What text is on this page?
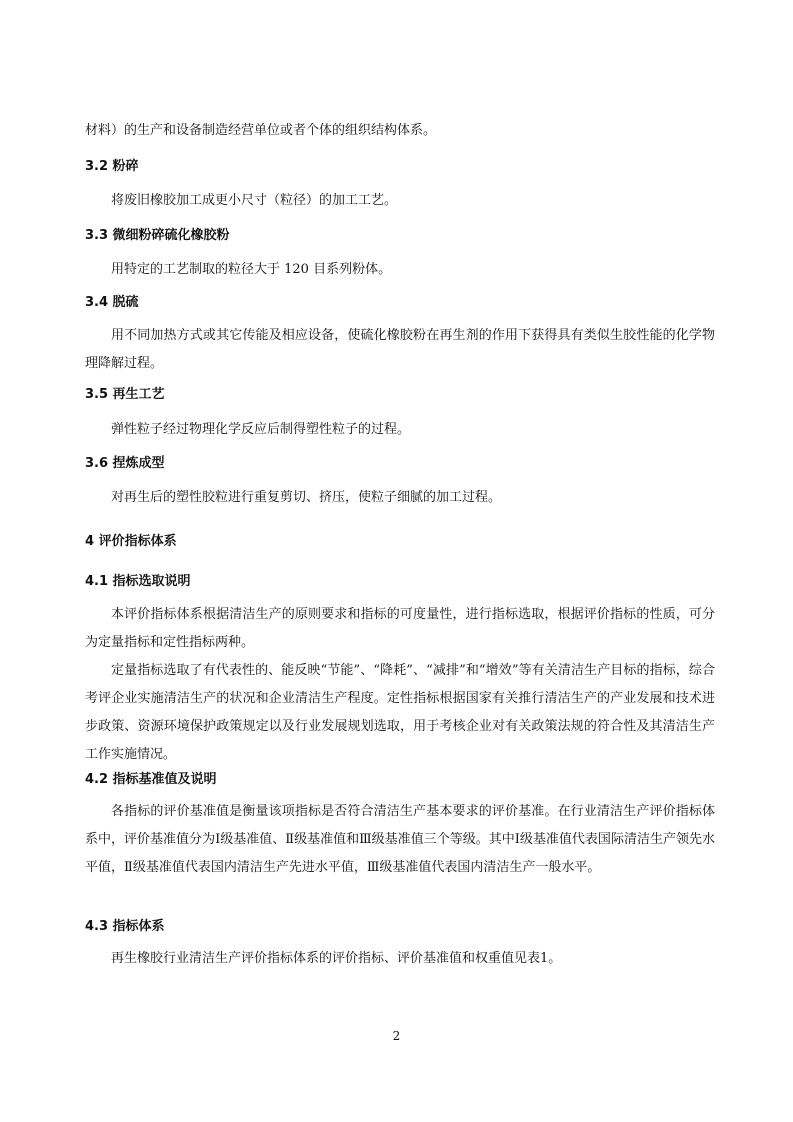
材料）的生产和设备制造经营单位或者个体的组织结构体系。

3.2 粉碎

将废旧橡胶加工成更小尺寸（粒径）的加工工艺。

3.3 微细粉碎硫化橡胶粉

用特定的工艺制取的粒径大于 120 目系列粉体。

3.4 脱硫

用不同加热方式或其它传能及相应设备，使硫化橡胶粉在再生剂的作用下获得具有类似生胶性能的化学物理降解过程。

3.5 再生工艺

弹性粒子经过物理化学反应后制得塑性粒子的过程。

3.6 捏炼成型

对再生后的塑性胶粒进行重复剪切、挤压，使粒子细腻的加工过程。

4 评价指标体系

4.1 指标选取说明

本评价指标体系根据清洁生产的原则要求和指标的可度量性，进行指标选取，根据评价指标的性质，可分为定量指标和定性指标两种。

定量指标选取了有代表性的、能反映“节能”、“降耗”、“减排”和“增效”等有关清洁生产目标的指标，综合考评企业实施清洁生产的状况和企业清洁生产程度。定性指标根据国家有关推行清洁生产的产业发展和技术进步政策、资源环境保护政策规定以及行业发展规划选取，用于考核企业对有关政策法规的符合性及其清洁生产工作实施情况。

4.2 指标基准值及说明

各指标的评价基准值是衡量该项指标是否符合清洁生产基本要求的评价基准。在行业清洁生产评价指标体系中，评价基准值分为Ⅰ级基准值、Ⅱ级基准值和Ⅲ级基准值三个等级。其中Ⅰ级基准值代表国际清洁生产领先水平值，Ⅱ级基准值代表国内清洁生产先进水平值，Ⅲ级基准值代表国内清洁生产一般水平。

4.3 指标体系

再生橡胶行业清洁生产评价指标体系的评价指标、评价基准值和权重值见表1。

2
